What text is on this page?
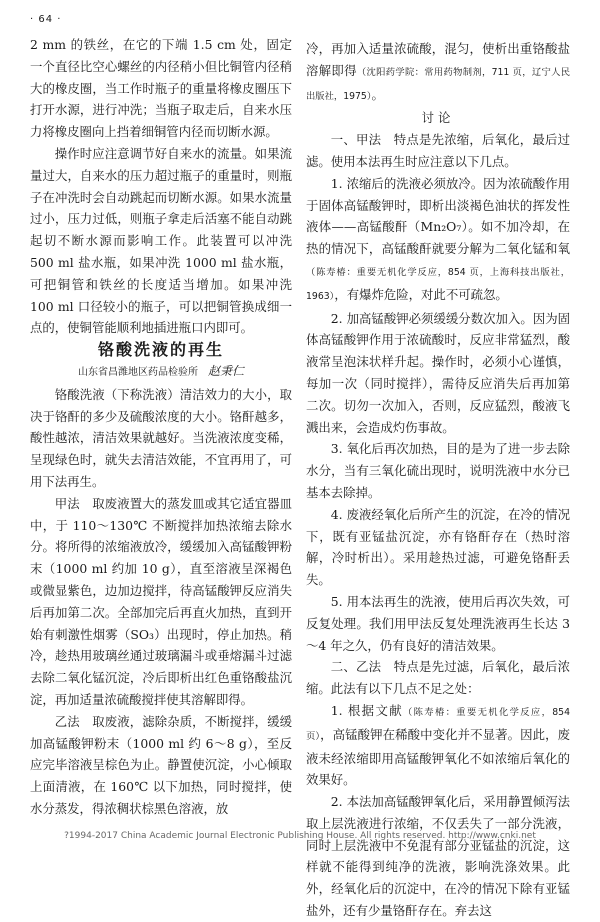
· 64 ·

2 mm 的铁丝，在它的下端 1.5 cm 处，固定一个直径比空心螺丝的内径稍小但比铜管内径稍大的橡皮圈，当工作时瓶子的重量将橡皮圈压下打开水源，进行冲洗；当瓶子取走后，自来水压力将橡皮圈向上挡着细铜管内径而切断水源。

操作时应注意调节好自来水的流量。如果流量过大，自来水的压力超过瓶子的重量时，则瓶子在冲洗时会自动跳起而切断水源。如果水流量过小，压力过低，则瓶子拿走后活塞不能自动跳起切不断水源而影响工作。此装置可以冲洗 500 ml 盐水瓶，如果冲洗 1000 ml 盐水瓶，可把铜管和铁丝的长度适当增加。如果冲洗 100 ml 口径较小的瓶子，可以把铜管换成细一点的，使铜管能顺利地插进瓶口内即可。

铬酸洗液的再生

山东省昌潍地区药品检验所 赵秉仁

铬酸洗液（下称洗液）清洁效力的大小，取决于铬酐的多少及硫酸浓度的大小。铬酐越多，酸性越浓，清洁效果就越好。当洗液浓度变稀，呈现绿色时，就失去清洁效能，不宜再用了，可用下法再生。

甲法　取废液置大的蒸发皿或其它适宜器皿中，于 110～130℃ 不断搅拌加热浓缩去除水分。将所得的浓缩液放冷，缓缓加入高锰酸钾粉末（1000 ml 约加 10 g），直至溶液呈深褐色或微显紫色，边加边搅拌，待高锰酸钾反应消失后再加第二次。全部加完后再直火加热，直到开始有刺激性烟雾（SO₃）出现时，停止加热。稍冷，趁热用玻璃丝通过玻璃漏斗或垂熔漏斗过滤去除二氧化锰沉淀，冷后即析出红色重铬酸盐沉淀，再加适量浓硫酸搅拌使其溶解即得。

乙法　取废液，滤除杂质，不断搅拌，缓缓加高锰酸钾粉末（1000 ml 约 6～8 g），至反应完毕溶液呈棕色为止。静置使沉淀，小心倾取上面清液，在 160℃ 以下加热，同时搅拌，使水分蒸发，得浓稠状棕黑色溶液，放

冷，再加入适量浓硫酸，混匀，使析出重铬酸盐溶解即得（沈阳药学院：常用药物制剂，711 页，辽宁人民出版社，1975）。

讨论

一、甲法　特点是先浓缩，后氧化，最后过滤。使用本法再生时应注意以下几点。

1. 浓缩后的洗液必须放冷。因为浓硫酸作用于固体高锰酸钾时，即析出淡褐色油状的挥发性液体——高锰酸酐（Mn₂O₇）。如不加冷却，在热的情况下，高锰酸酐就要分解为二氧化锰和氧（陈寿椿：重要无机化学反应，854 页，上海科技出版社，1963），有爆炸危险，对此不可疏忽。

2. 加高锰酸钾必须缓缓分数次加入。因为固体高锰酸钾作用于浓硫酸时，反应非常猛烈，酸液常呈泡沫状样升起。操作时，必须小心谨慎，每加一次（同时搅拌），需待反应消失后再加第二次。切勿一次加入，否则，反应猛烈，酸液飞溅出来，会造成灼伤事故。

3. 氧化后再次加热，目的是为了进一步去除水分，当有三氧化硫出现时，说明洗液中水分已基本去除掉。

4. 废液经氧化后所产生的沉淀，在冷的情况下，既有亚锰盐沉淀，亦有铬酐存在（热时溶解，冷时析出）。采用趁热过滤，可避免铬酐丢失。

5. 用本法再生的洗液，使用后再次失效，可反复处理。我们用甲法反复处理洗液再生长达 3～4 年之久，仍有良好的清洁效果。

二、乙法　特点是先过滤，后氧化，最后浓缩。此法有以下几点不足之处：

1. 根据文献（陈寿椿：重要无机化学反应，854 页），高锰酸钾在稀酸中变化并不显著。因此，废液未经浓缩即用高锰酸钾氧化不如浓缩后氧化的效果好。

2. 本法加高锰酸钾氧化后，采用静置倾泻法取上层洗液进行浓缩，不仅丢失了一部分洗液，同时上层洗液中不免混有部分亚锰盐的沉淀，这样就不能得到纯净的洗液，影响洗涤效果。此外，经氧化后的沉淀中，在冷的情况下除有亚锰盐外，还有少量铬酐存在。弃去这

?1994-2017 China Academic Journal Electronic Publishing House. All rights reserved. http://www.cnki.net
